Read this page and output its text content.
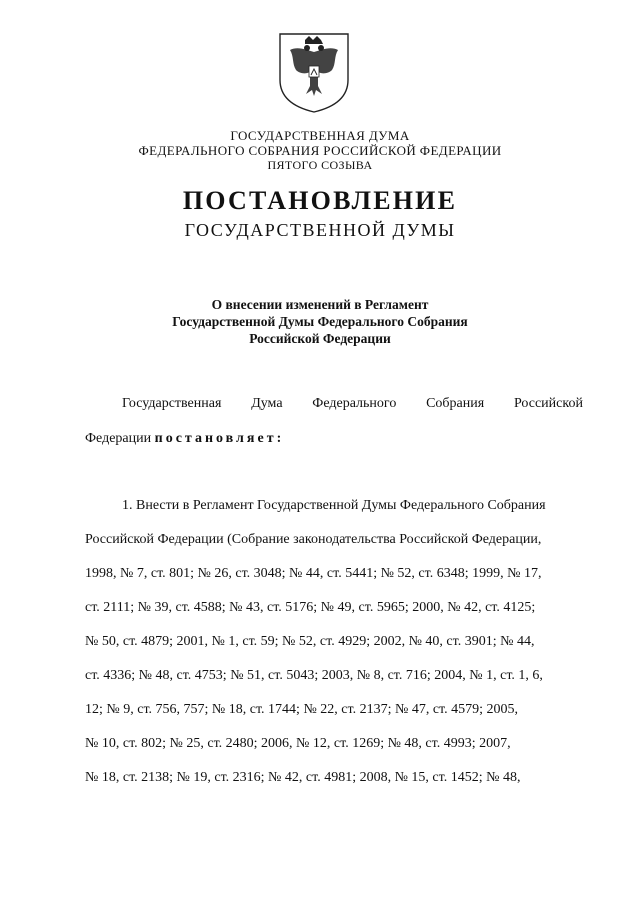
ГОСУДАРСТВЕННАЯ ДУМА
ФЕДЕРАЛЬНОГО СОБРАНИЯ РОССИЙСКОЙ ФЕДЕРАЦИИ
ПЯТОГО СОЗЫВА
ПОСТАНОВЛЕНИЕ
ГОСУДАРСТВЕННОЙ ДУМЫ
О внесении изменений в Регламент
Государственной Думы Федерального Собрания
Российской Федерации
Государственная Дума Федерального Собрания Российской
Федерации постановляет:
1. Внести в Регламент Государственной Думы Федерального Собрания
Российской Федерации (Собрание законодательства Российской Федерации,
1998, № 7, ст. 801; № 26, ст. 3048; № 44, ст. 5441; № 52, ст. 6348; 1999, № 17,
ст. 2111; № 39, ст. 4588; № 43, ст. 5176; № 49, ст. 5965; 2000, № 42, ст. 4125;
№ 50, ст. 4879; 2001, № 1, ст. 59; № 52, ст. 4929; 2002, № 40, ст. 3901; № 44,
ст. 4336; № 48, ст. 4753; № 51, ст. 5043; 2003, № 8, ст. 716; 2004, № 1, ст. 1, 6,
12; № 9, ст. 756, 757; № 18, ст. 1744; № 22, ст. 2137; № 47, ст. 4579; 2005,
№ 10, ст. 802; № 25, ст. 2480; 2006, № 12, ст. 1269; № 48, ст. 4993; 2007,
№ 18, ст. 2138; № 19, ст. 2316; № 42, ст. 4981; 2008, № 15, ст. 1452; № 48,
